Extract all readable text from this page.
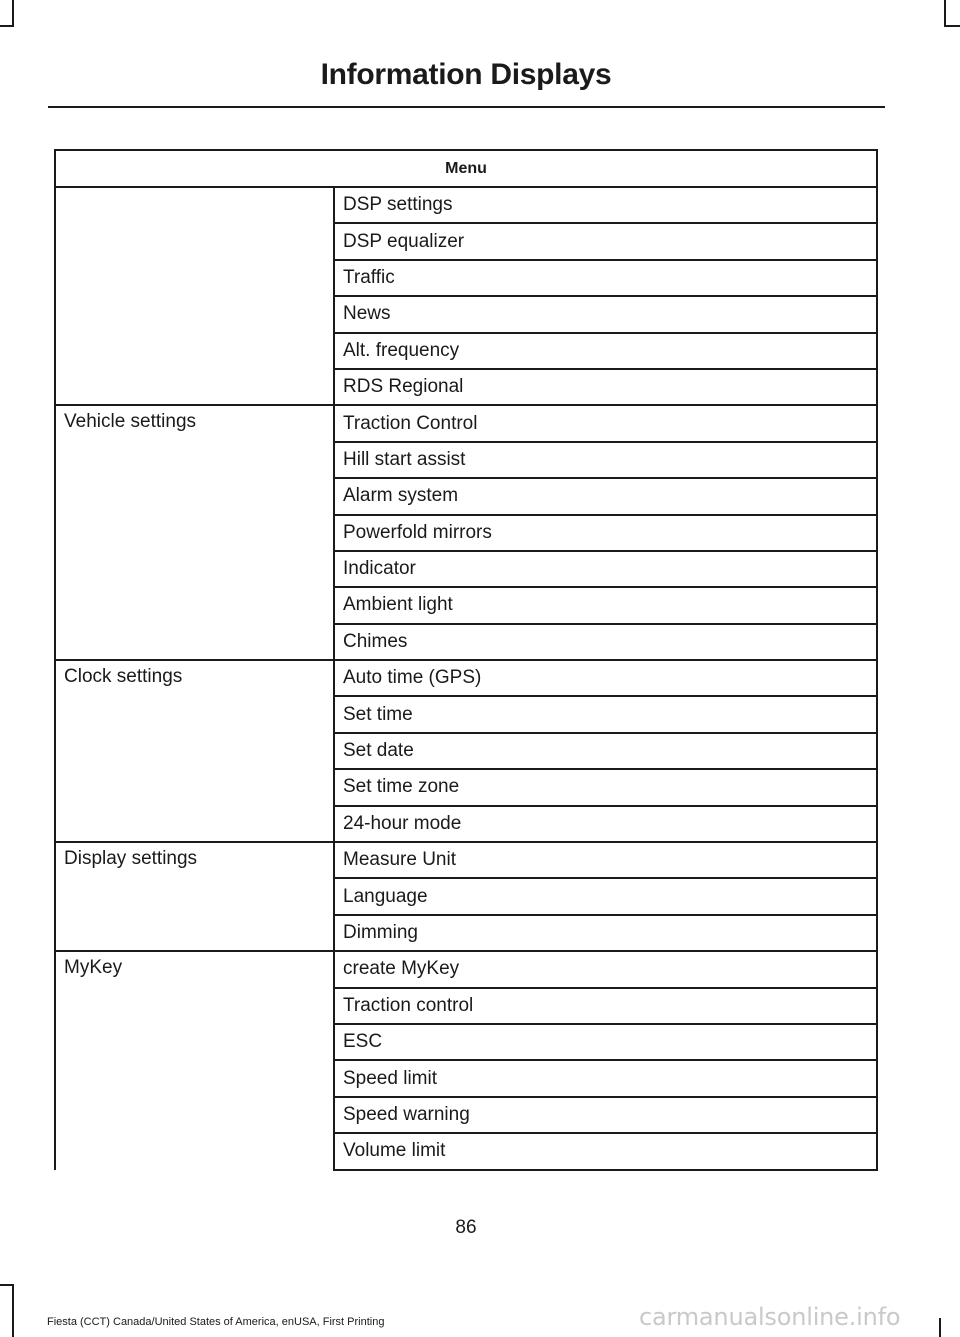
Information Displays
Menu	
	DSP settings
	DSP equalizer
	Traffic
	News
	Alt. frequency
	RDS Regional
Vehicle settings	Traction Control
	Hill start assist
	Alarm system
	Powerfold mirrors
	Indicator
	Ambient light
	Chimes
Clock settings	Auto time (GPS)
	Set time
	Set date
	Set time zone
	24-hour mode
Display settings	Measure Unit
	Language
	Dimming
MyKey	create MyKey
	Traction control
	ESC
	Speed limit
	Speed warning
	Volume limit
86
Fiesta (CCT) Canada/United States of America, enUSA, First Printing	carmanualsonline.info
